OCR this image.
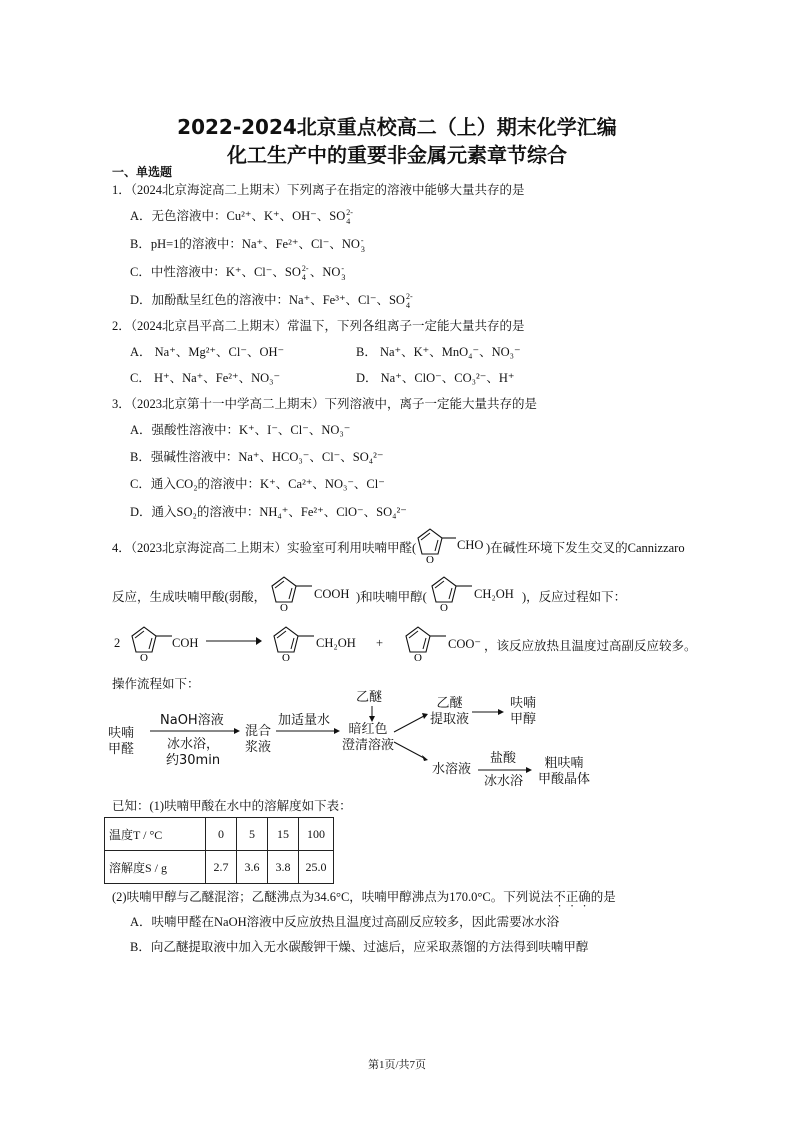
2022-2024北京重点校高二（上）期末化学汇编
化工生产中的重要非金属元素章节综合
一、单选题
1．（2024北京海淀高二上期末）下列离子在指定的溶液中能够大量共存的是
A．无色溶液中：Cu²⁺、K⁺、OH⁻、SO 2-
4
B．pH=1的溶液中：Na⁺、Fe²⁺、Cl⁻、NO -
3
C．中性溶液中：K⁺、Cl⁻、SO 2-
4 、NO -
3
D．加酚酞呈红色的溶液中：Na⁺、Fe³⁺、Cl⁻、SO 2-
4
2．（2024北京昌平高二上期末）常温下，下列各组离子一定能大量共存的是
A． Na⁺、Mg²⁺、Cl⁻、OH⁻	B． Na⁺、K⁺、MnO₄⁻、NO₃⁻
C． H⁺、Na⁺、Fe²⁺、NO₃⁻	D． Na⁺、ClO⁻、CO₃²⁻、H⁺
3．（2023北京第十一中学高二上期末）下列溶液中，离子一定能大量共存的是
A．强酸性溶液中：K⁺、I⁻、Cl⁻、NO₃⁻
B．强碱性溶液中：Na⁺、HCO₃⁻、Cl⁻、SO₄²⁻
C．通入CO₂的溶液中：K⁺、Ca²⁺、NO₃⁻、Cl⁻
D．通入SO₂的溶液中：NH₄⁺、Fe²⁺、ClO⁻、SO₄²⁻
4．（2023北京海淀高二上期末）实验室可利用呋喃甲醛(
O
CHO )在碱性环境下发生交叉的Cannizzaro
反应，生成呋喃甲酸(弱酸，
O
COOH )和呋喃甲醇(
O
CH₂OH )，反应过程如下：
2
O
COH →
O
CH₂OH +
O
COO⁻ ，该反应放热且温度过高副反应较多。
操作流程如下：
呋喃
甲醛
NaOH溶液
冰水浴，
约30min
混合
浆液
加适量水
乙醚
暗红色
澄清溶液
乙醚
提取液
呋喃
甲醇
水溶液
盐酸
冰水浴
粗呋喃
甲酸晶体
已知：(1)呋喃甲酸在水中的溶解度如下表：
温度T / °C	0	5	15	100
溶解度S / g	2.7	3.6	3.8	25.0
(2)呋喃甲醇与乙醚混溶；乙醚沸点为34.6°C，呋喃甲醇沸点为170.0°C。下列说法不正确的是
A．呋喃甲醛在NaOH溶液中反应放热且温度过高副反应较多，因此需要冰水浴
B．向乙醚提取液中加入无水碳酸钾干燥、过滤后，应采取蒸馏的方法得到呋喃甲醇
第1页/共7页
